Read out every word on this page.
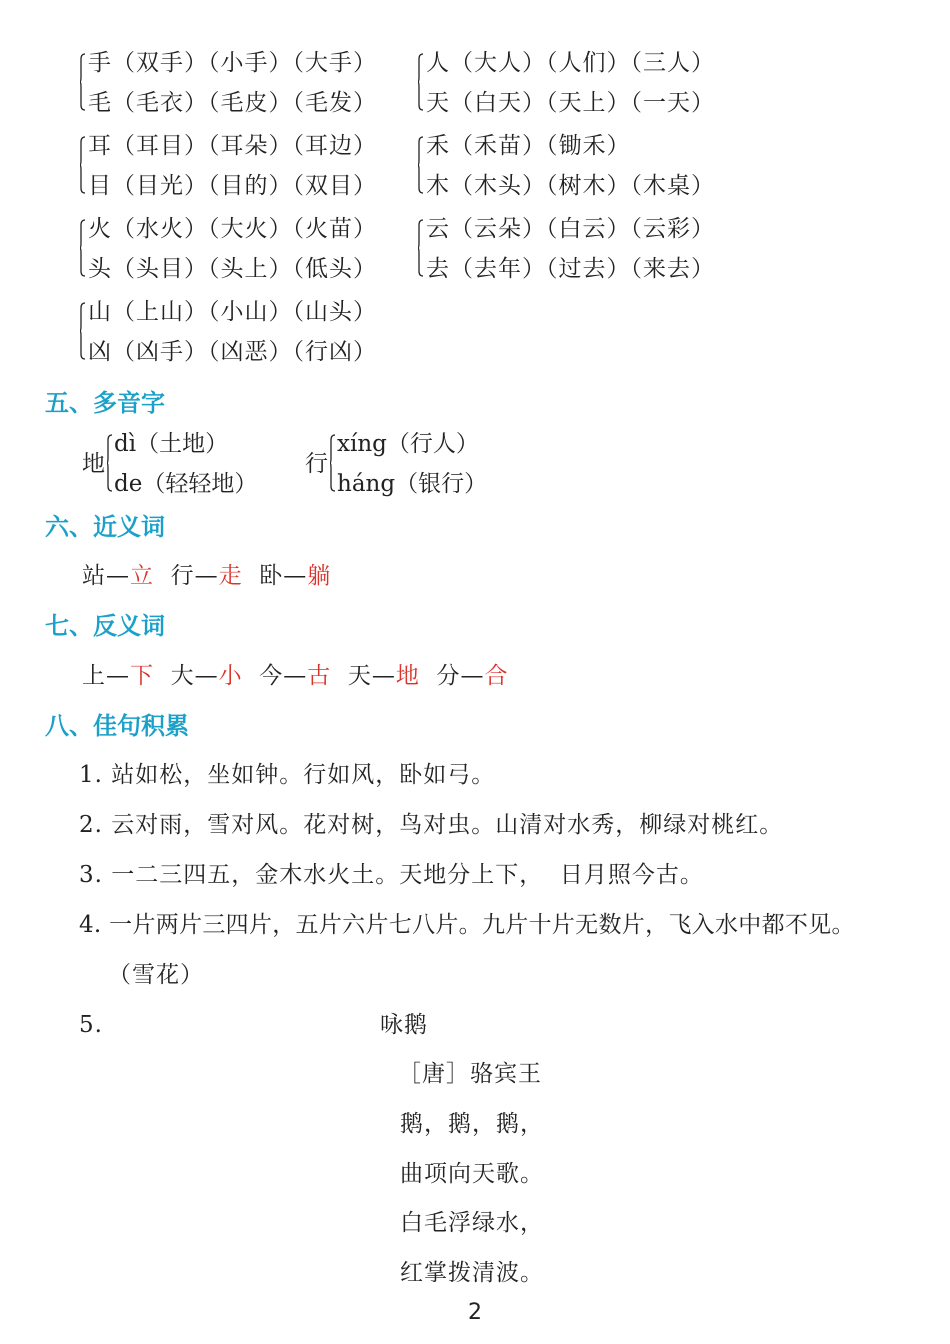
手（双手）（小手）（大手）
毛（毛衣）（毛皮）（毛发）
人（大人）（人们）（三人）
天（白天）（天上）（一天）
耳（耳目）（耳朵）（耳边）
目（目光）（目的）（双目）
禾（禾苗）（锄禾）
木（木头）（树木）（木桌）
火（水火）（大火）（火苗）
头（头目）（头上）（低头）
云（云朵）（白云）（云彩）
去（去年）（过去）（来去）
山（上山）（小山）（山头）
凶（凶手）（凶恶）（行凶）
五、多音字
地
dì（土地）
de（轻轻地）
行
xíng（行人）
háng（银行）
六、近义词
站—立 行—走 卧—躺
七、反义词
上—下 大—小 今—古 天—地 分—合
八、佳句积累
1. 站如松，坐如钟。行如风，卧如弓。
2. 云对雨，雪对风。花对树，鸟对虫。山清对水秀，柳绿对桃红。
3. 一二三四五，金木水火土。天地分上下，  日月照今古。
4. 一片两片三四片，五片六片七八片。九片十片无数片，飞入水中都不见。
（雪花）
5.	咏鹅
［唐］骆宾王
鹅，鹅，鹅，
曲项向天歌。
白毛浮绿水，
红掌拨清波。
2
